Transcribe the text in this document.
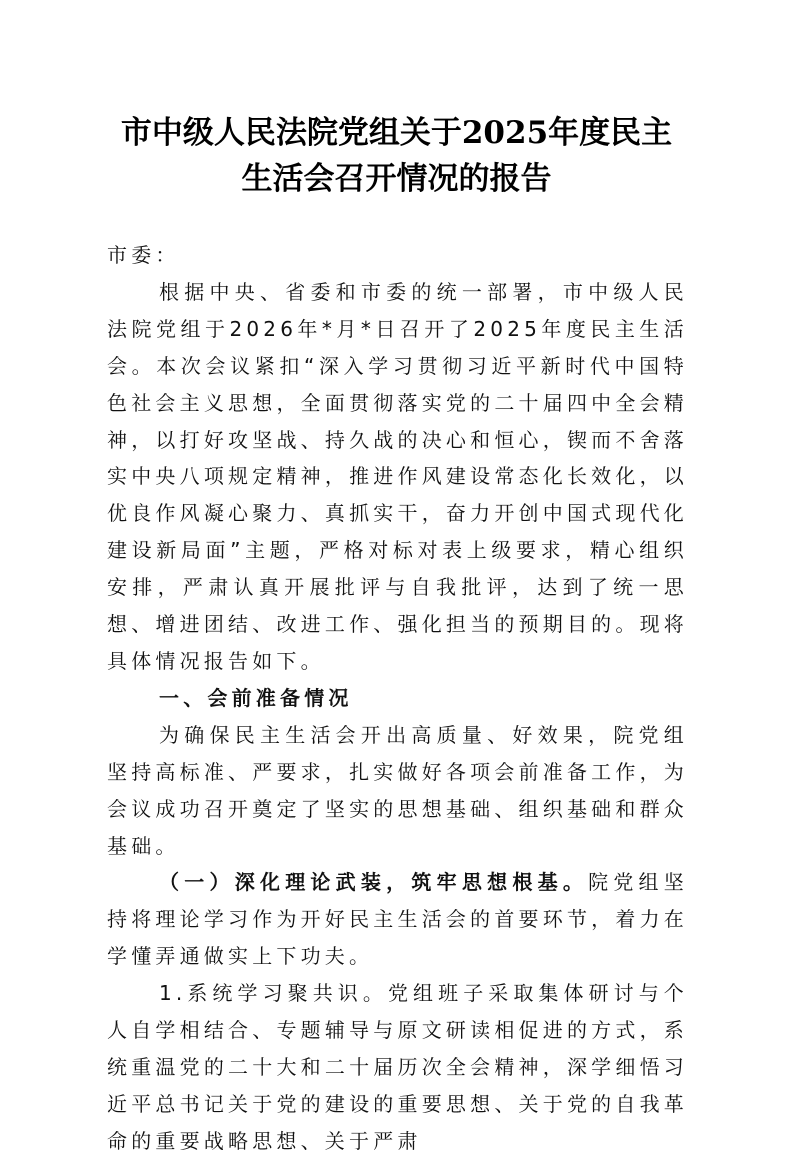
市中级人民法院党组关于2025年度民主
生活会召开情况的报告

市委：

根据中央、省委和市委的统一部署，市中级人民法院党组于2026年*月*日召开了2025年度民主生活会。本次会议紧扣“深入学习贯彻习近平新时代中国特色社会主义思想，全面贯彻落实党的二十届四中全会精神，以打好攻坚战、持久战的决心和恒心，锲而不舍落实中央八项规定精神，推进作风建设常态化长效化，以优良作风凝心聚力、真抓实干，奋力开创中国式现代化建设新局面”主题，严格对标对表上级要求，精心组织安排，严肃认真开展批评与自我批评，达到了统一思想、增进团结、改进工作、强化担当的预期目的。现将具体情况报告如下。

一、会前准备情况

为确保民主生活会开出高质量、好效果，院党组坚持高标准、严要求，扎实做好各项会前准备工作，为会议成功召开奠定了坚实的思想基础、组织基础和群众基础。

（一）深化理论武装，筑牢思想根基。院党组坚持将理论学习作为开好民主生活会的首要环节，着力在学懂弄通做实上下功夫。

1.系统学习聚共识。党组班子采取集体研讨与个人自学相结合、专题辅导与原文研读相促进的方式，系统重温党的二十大和二十届历次全会精神，深学细悟习近平总书记关于党的建设的重要思想、关于党的自我革命的重要战略思想、关于严肃
